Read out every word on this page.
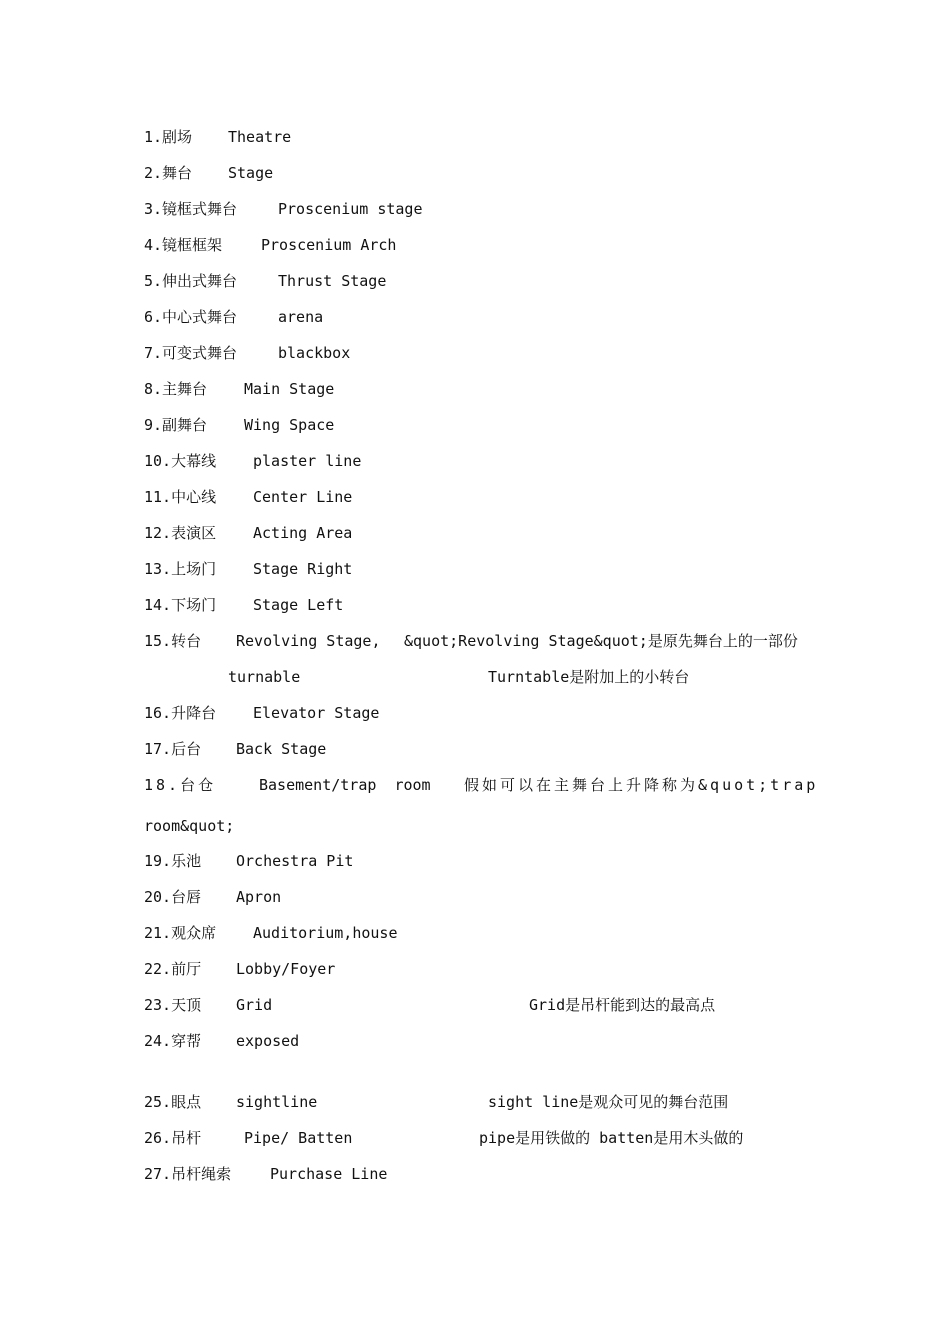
1.剧场 Theatre
2.舞台 Stage
3.镜框式舞台	Proscenium stage
4.镜框框架	Proscenium Arch
5.伸出式舞台	Thrust Stage
6.中心式舞台	arena
7.可变式舞台	blackbox
8.主舞台 Main Stage
9.副舞台 Wing Space
10.大幕线 plaster line
11.中心线 Center Line
12.表演区 Acting Area
13.上场门 Stage Right
14.下场门 Stage Left
15.转台 Revolving Stage, &quot;Revolving Stage&quot;是原先舞台上的一部份
turnable	Turntable是附加上的小转台
16.升降台 Elevator Stage
17.后台 Back Stage
18.台仓	Basement/trap  room 假如可以在主舞台上升降称为&quot;trap
room&quot;
19.乐池 Orchestra Pit
20.台唇 Apron
21.观众席 Auditorium,house
22.前厅 Lobby/Foyer
23.天顶 Grid	Grid是吊杆能到达的最高点
24.穿帮 exposed
25.眼点 sightline	sight line是观众可见的舞台范围
26.吊杆	Pipe/ Batten	pipe是用铁做的 batten是用木头做的
27.吊杆绳索	Purchase Line
